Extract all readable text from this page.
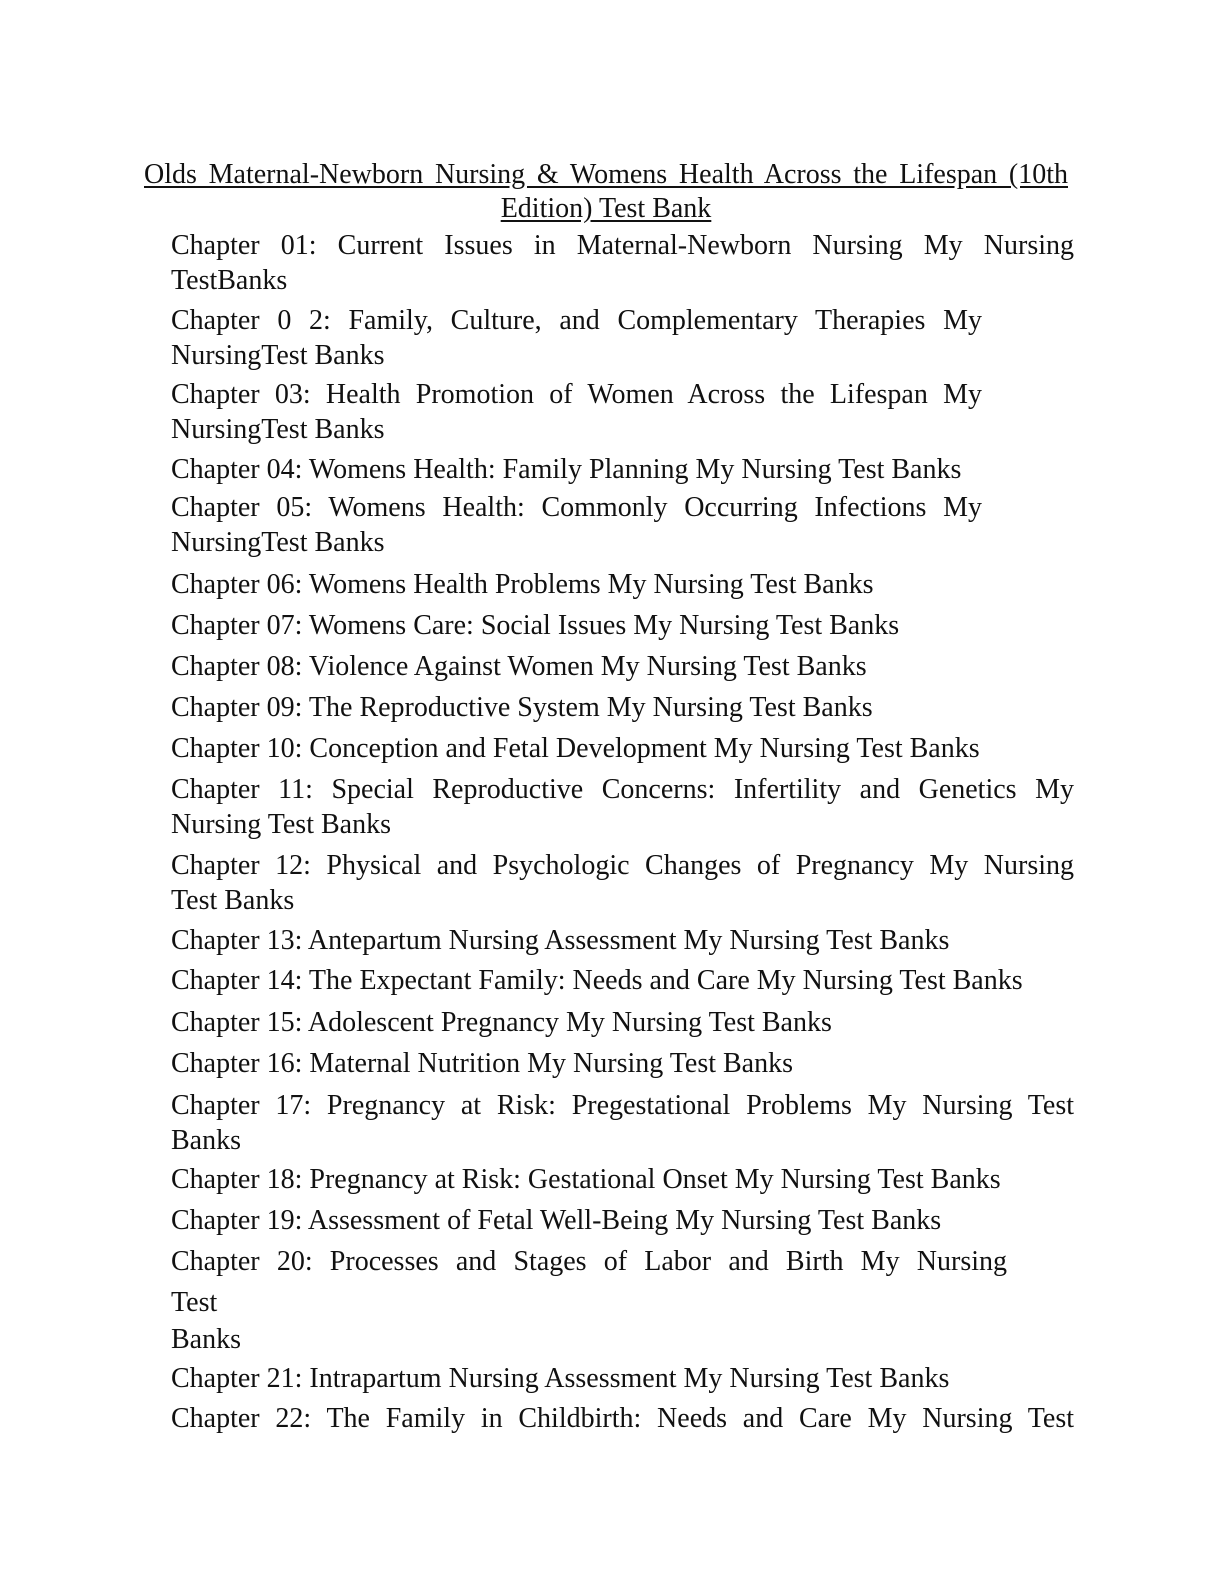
Olds Maternal-Newborn Nursing & Womens Health Across the Lifespan (10th Edition) Test Bank
Chapter 01: Current Issues in Maternal-Newborn Nursing My Nursing
TestBanks
Chapter 0 2: Family, Culture, and Complementary Therapies My
NursingTest Banks
Chapter 03: Health Promotion of Women Across the Lifespan My
NursingTest Banks
Chapter 04: Womens Health: Family Planning My Nursing Test Banks
Chapter 05: Womens Health: Commonly Occurring Infections My
NursingTest Banks
Chapter 06: Womens Health Problems My Nursing Test Banks
Chapter 07: Womens Care: Social Issues My Nursing Test Banks
Chapter 08: Violence Against Women My Nursing Test Banks
Chapter 09: The Reproductive System My Nursing Test Banks
Chapter 10: Conception and Fetal Development My Nursing Test Banks
Chapter 11: Special Reproductive Concerns: Infertility and Genetics My
Nursing Test Banks
Chapter 12: Physical and Psychologic Changes of Pregnancy My Nursing
Test Banks
Chapter 13: Antepartum Nursing Assessment My Nursing Test Banks
Chapter 14: The Expectant Family: Needs and Care My Nursing Test Banks
Chapter 15: Adolescent Pregnancy My Nursing Test Banks
Chapter 16: Maternal Nutrition My Nursing Test Banks
Chapter 17: Pregnancy at Risk: Pregestational Problems My Nursing Test
Banks
Chapter 18: Pregnancy at Risk: Gestational Onset My Nursing Test Banks
Chapter 19: Assessment of Fetal Well-Being My Nursing Test Banks
Chapter 20: Processes and Stages of Labor and Birth My Nursing
Test
Banks
Chapter 21: Intrapartum Nursing Assessment My Nursing Test Banks
Chapter 22: The Family in Childbirth: Needs and Care My Nursing Test
